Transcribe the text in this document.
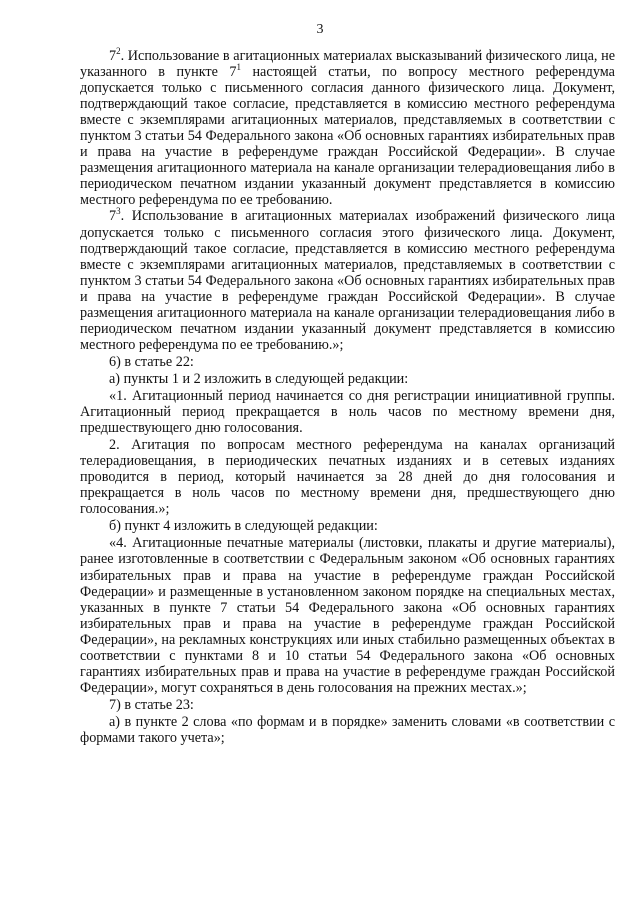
3

$7^2$. Использование в агитационных материалах высказываний физического лица, не указанного в пункте $7^1$ настоящей статьи, по вопросу местного референдума допускается только с письменного согласия данного физического лица. Документ, подтверждающий такое согласие, представляется в комиссию местного референдума вместе с экземплярами агитационных материалов, представляемых в соответствии с пунктом 3 статьи 54 Федерального закона «Об основных гарантиях избирательных прав и права на участие в референдуме граждан Российской Федерации». В случае размещения агитационного материала на канале организации телерадиовещания либо в периодическом печатном издании указанный документ представляется в комиссию местного референдума по ее требованию.

$7^3$. Использование в агитационных материалах изображений физического лица допускается только с письменного согласия этого физического лица. Документ, подтверждающий такое согласие, представляется в комиссию местного референдума вместе с экземплярами агитационных материалов, представляемых в соответствии с пунктом 3 статьи 54 Федерального закона «Об основных гарантиях избирательных прав и права на участие в референдуме граждан Российской Федерации». В случае размещения агитационного материала на канале организации телерадиовещания либо в периодическом печатном издании указанный документ представляется в комиссию местного референдума по ее требованию.»;

6) в статье 22:

а) пункты 1 и 2 изложить в следующей редакции:

«1. Агитационный период начинается со дня регистрации инициативной группы. Агитационный период прекращается в ноль часов по местному времени дня, предшествующего дню голосования.

2. Агитация по вопросам местного референдума на каналах организаций телерадиовещания, в периодических печатных изданиях и в сетевых изданиях проводится в период, который начинается за 28 дней до дня голосования и прекращается в ноль часов по местному времени дня, предшествующего дню голосования.»;

б) пункт 4 изложить в следующей редакции:

«4. Агитационные печатные материалы (листовки, плакаты и другие материалы), ранее изготовленные в соответствии с Федеральным законом «Об основных гарантиях избирательных прав и права на участие в референдуме граждан Российской Федерации» и размещенные в установленном законом порядке на специальных местах, указанных в пункте 7 статьи 54 Федерального закона «Об основных гарантиях избирательных прав и права на участие в референдуме граждан Российской Федерации», на рекламных конструкциях или иных стабильно размещенных объектах в соответствии с пунктами 8 и 10 статьи 54 Федерального закона «Об основных гарантиях избирательных прав и права на участие в референдуме граждан Российской Федерации», могут сохраняться в день голосования на прежних местах.»;

7) в статье 23:

а) в пункте 2 слова «по формам и в порядке» заменить словами «в соответствии с формами такого учета»;
